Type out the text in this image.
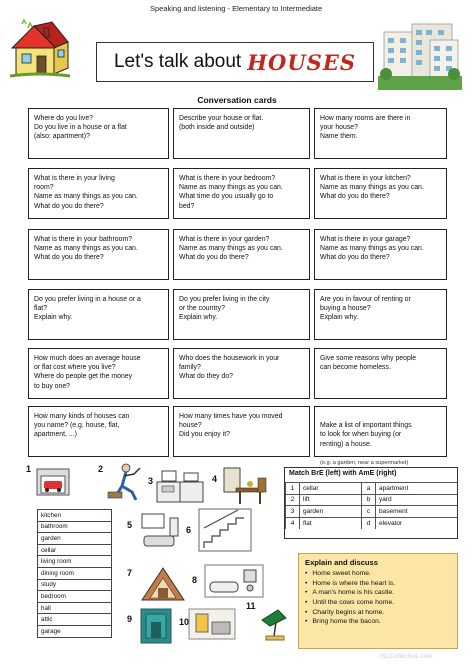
Speaking and listening - Elementary to Intermediate
Let's talk about HOUSES
Conversation cards
Where do you live?
Do you live in a house or a flat
(also: apartment)?
Describe your house or flat.
(both inside and outside)
How many rooms are there in
your house?
Name them.
What is there in your living
room?
Name as many things as you can.
What do you do there?
What is there in your bedroom?
Name as many things as you can.
What time do you usually go to
bed?
What is there in your kitchen?
Name as many things as you can.
What do you do there?
What is there in your bathroom?
Name as many things as you can.
What do you do there?
What is there in your garden?
Name as many things as you can.
What do you do there?
What is there in your garage?
Name as many things as you can.
What do you do there?
Do you prefer living in a house or a
flat?
Explain why.
Do you prefer living in the city
or the country?
Explain why.
Are you in favour of renting or
buying a house?
Explain why.
How much does an average house
or flat cost where you live?
Where do people get the money
to buy one?
Who does the housework in your
family?
What do they do?
Give some reasons why people
can become homeless.
How many kinds of houses can
you name? (e.g. house, flat,
apartment, ...)
How many times have you moved
house?
Did you enjoy it?

Make a list of important things
to look for when buying (or
renting) a house.

(e.g. a garden, near a supermarket)

1	2
3	4
5	6
7
8
9	10
11
kitchen
bathroom
garden
cellar
living room
dining room
study
bedroom
hall
attic
garage
Match BrE (left) with AmE (right)
1	cellar	a	apartment
2	lift	b	yard
3	garden	c	basement
4	flat	d	elevator
Explain and discuss
• Home sweet home.
• Home is where the heart is.
• A man's home is his castle.
• Until the cows come home.
• Charity begins at home.
• Bring home the bacon.
iSLCollective.com
